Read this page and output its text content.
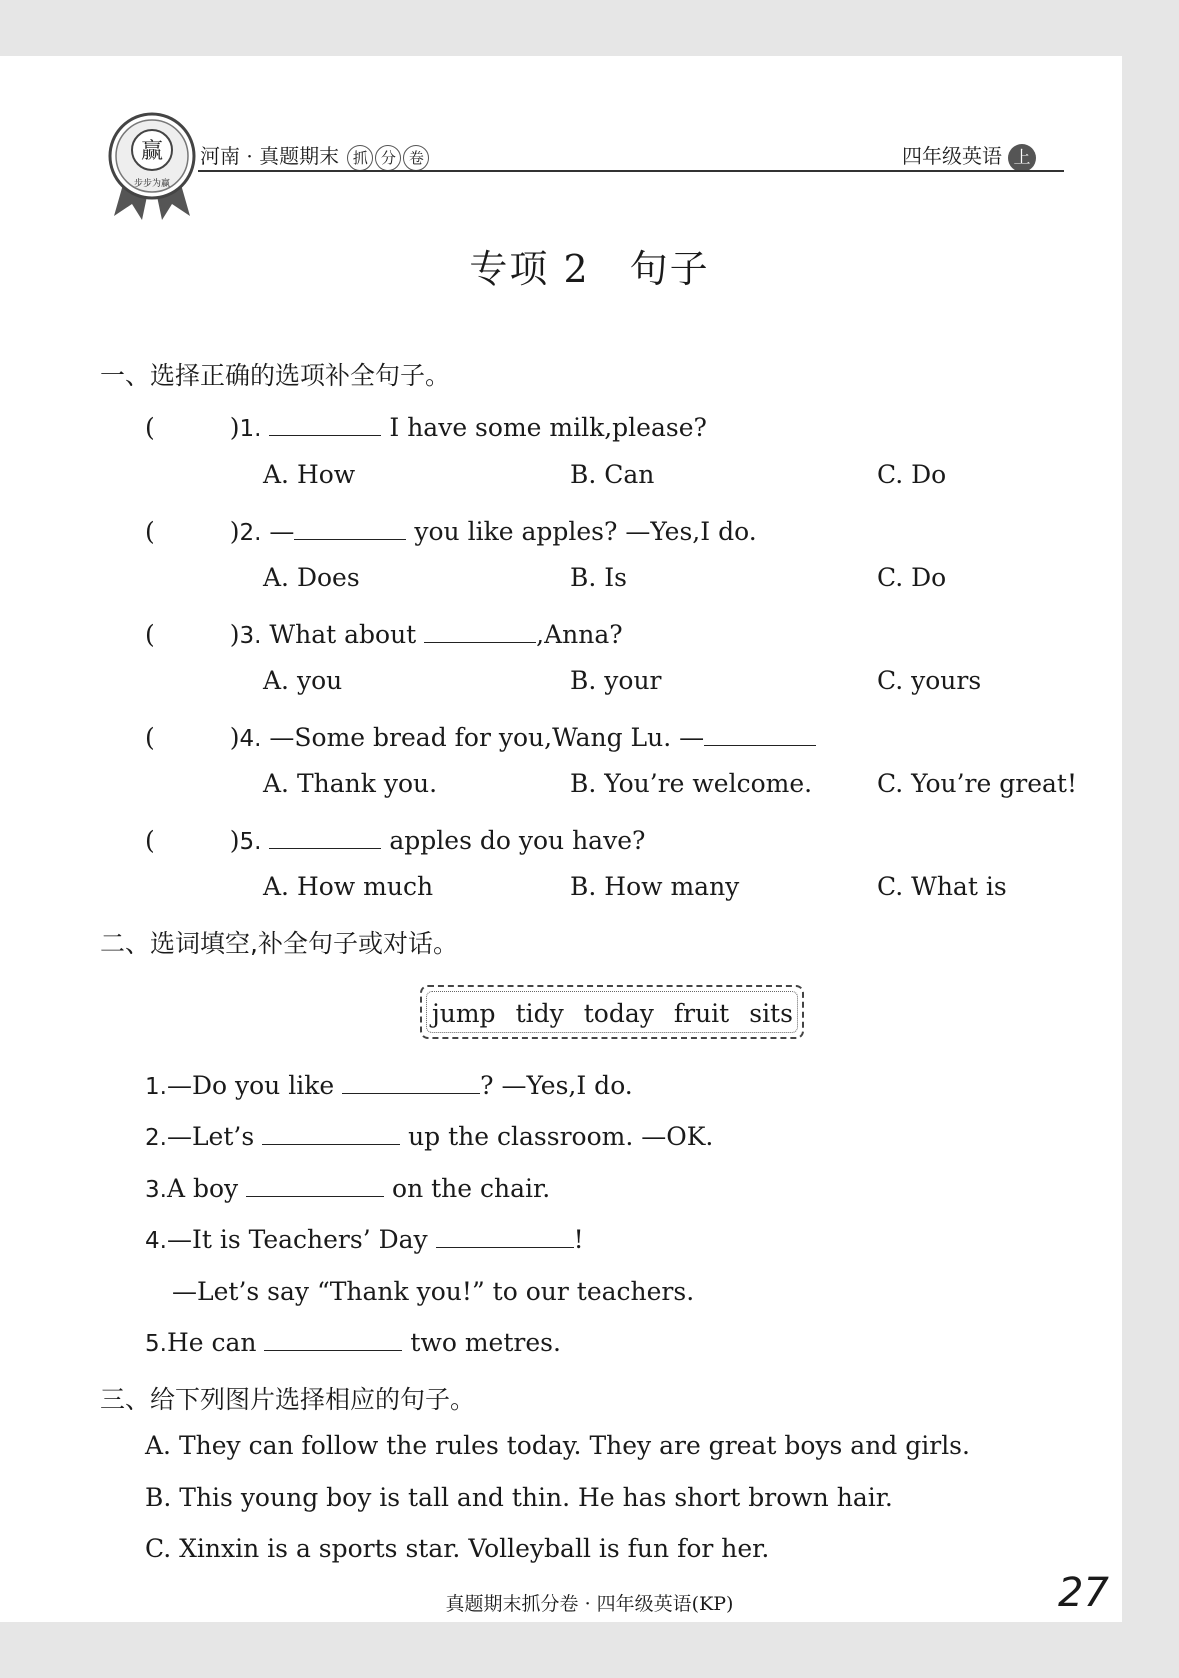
赢
步步为赢
河南 · 真题期末 抓 分 卷	四年级英语 上
专项 2　句子
一、选择正确的选项补全句子。
(　　　)1.	I have some milk,please?
A. How	B. Can	C. Do
(　　　)2. —	you like apples? —Yes,I do.
A. Does	B. Is	C. Do
(　　　)3. What about	,Anna?
A. you	B. your	C. yours
(　　　)4. —Some bread for you,Wang Lu. —
A. Thank you.	B. You’re welcome.	C. You’re great!
(　　　)5.	apples do you have?
A. How much	B. How many	C. What is
二、选词填空,补全句子或对话。
jump tidy today fruit sits
1.—Do you like	? —Yes,I do.
2.—Let’s	up the classroom. —OK.
3.A boy	on the chair.
4.—It is Teachers’ Day	!
—Let’s say “Thank you!” to our teachers.
5.He can	two metres.
三、给下列图片选择相应的句子。
A. They can follow the rules today. They are great boys and girls.
B. This young boy is tall and thin. He has short brown hair.
C. Xinxin is a sports star. Volleyball is fun for her.
真题期末抓分卷 · 四年级英语(KP)	27
